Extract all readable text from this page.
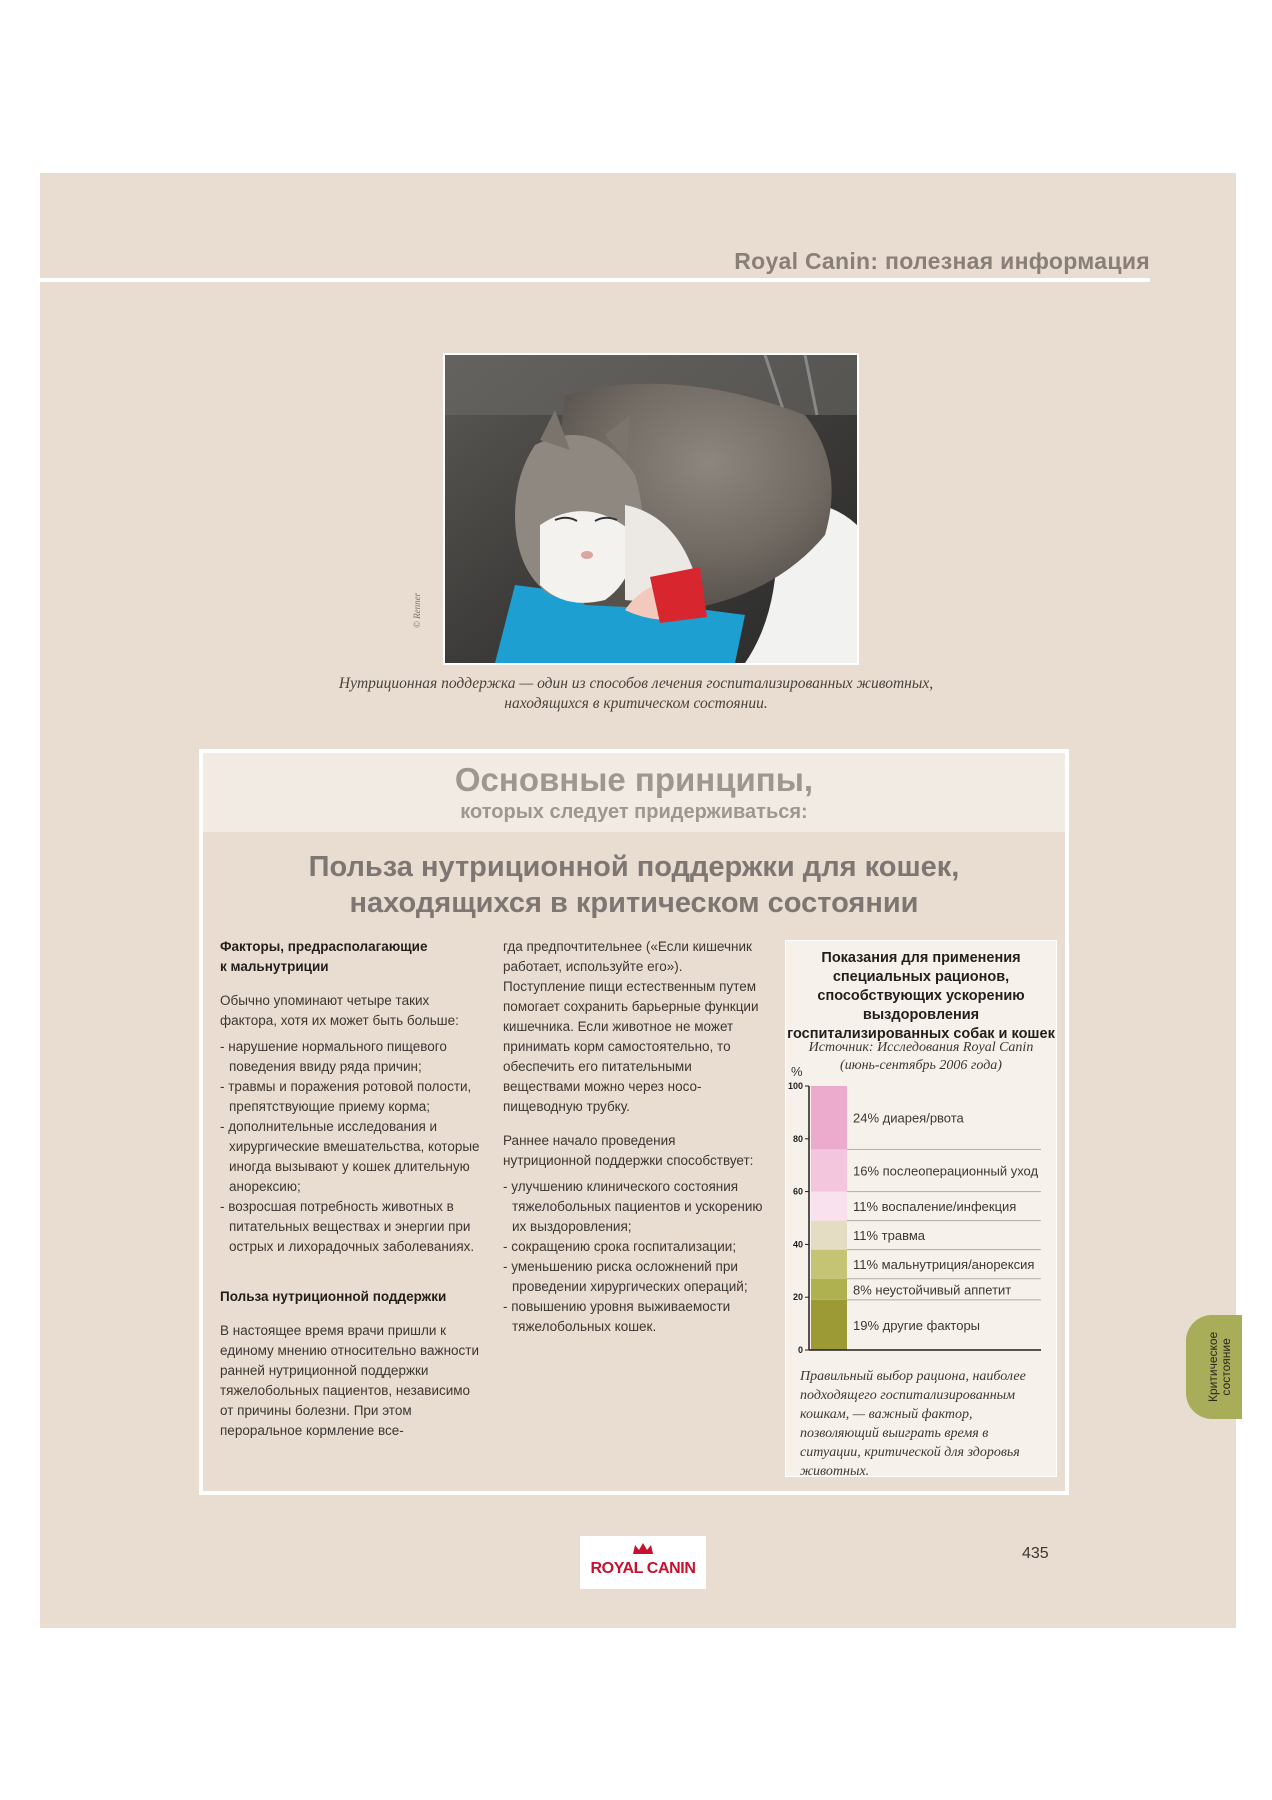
Royal Canin: полезная информация
© Renner
Нутриционная поддержка — один из способов лечения госпитализированных животных,
находящихся в критическом состоянии.
Основные принципы,
которых следует придерживаться:
Польза нутриционной поддержки для кошек,
находящихся в критическом состоянии

Факторы, предрасполагающие
к мальнутриции

Обычно упоминают четыре таких фактора, хотя их может быть больше:

- нарушение нормального пищевого поведения ввиду ряда причин;
- травмы и поражения ротовой полости, препятствующие приему корма;
- дополнительные исследования и хирургические вмешательства, которые иногда вызывают у кошек длительную анорексию;
- возросшая потребность животных в питательных веществах и энергии при острых и лихорадочных заболеваниях.

Польза нутриционной поддержки

В настоящее время врачи пришли к единому мнению относительно важности ранней нутриционной поддержки тяжелобольных пациентов, независимо от причины болезни. При этом пероральное кормление все-

гда предпочтительнее («Если кишечник работает, используйте его»). Поступление пищи естественным путем помогает сохранить барьерные функции кишечника. Если животное не может принимать корм самостоятельно, то обеспечить его питательными веществами можно через носо-пищеводную трубку.

Раннее начало проведения нутриционной поддержки способствует:

- улучшению клинического состояния тяжелобольных пациентов и ускорению их выздоровления;
- сокращению срока госпитализации;
- уменьшению риска осложнений при проведении хирургических операций;
- повышению уровня выживаемости тяжелобольных кошек.
Показания для применения
специальных рационов,
способствующих ускорению
выздоровления
госпитализированных собак и кошек
Источник: Исследования Royal Canin
(июнь-сентябрь 2006 года)
Правильный выбор рациона, наиболее подходящего госпитализированным кошкам, — важный фактор, позволяющий выиграть время в ситуации, критической для здоровья животных.
%
19% другие факторы
8% неустойчивый аппетит
11% мальнутриция/анорексия
11% травма
11% воспаление/инфекция
16% послеоперационный уход
24% диарея/рвота
0
20
40
60
80
100
Критическое состояние
ROYAL CANIN
435
